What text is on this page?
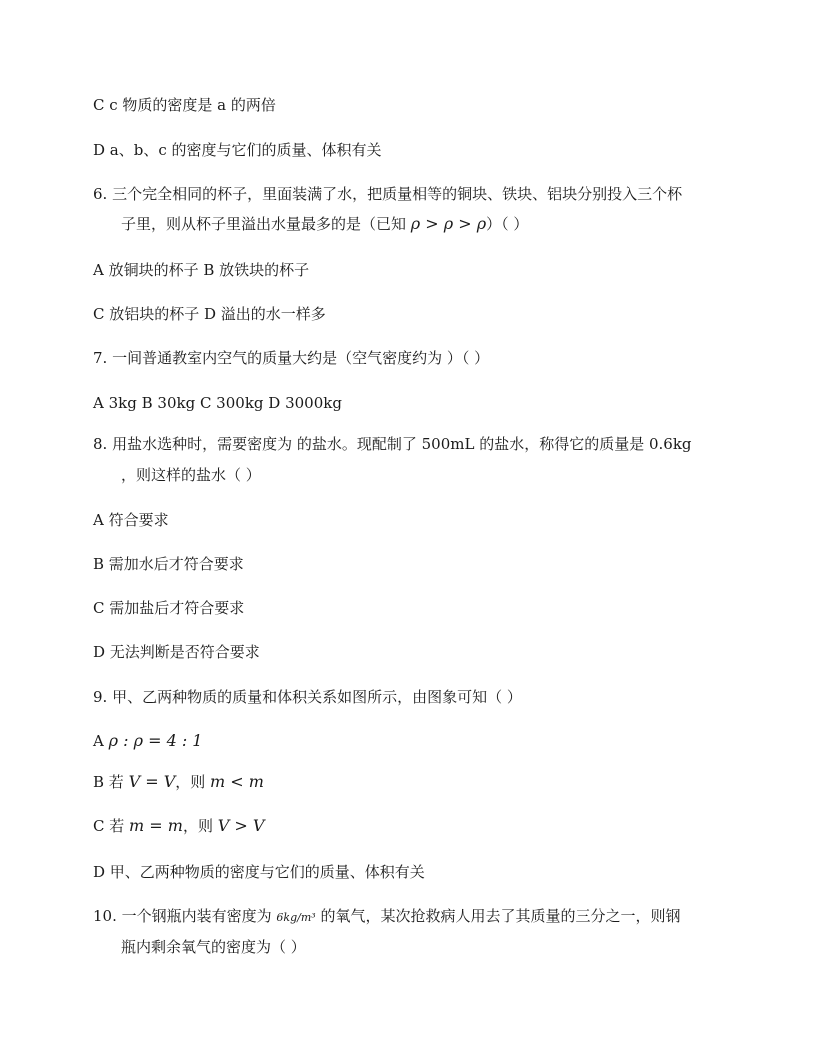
C c 物质的密度是 a 的两倍
D a、b、c 的密度与它们的质量、体积有关
6. 三个完全相同的杯子，里面装满了水，把质量相等的铜块、铁块、铝块分别投入三个杯
子里，则从杯子里溢出水量最多的是（已知 ρ > ρ > ρ）（ ）
A 放铜块的杯子 B 放铁块的杯子
C 放铝块的杯子 D 溢出的水一样多
7. 一间普通教室内空气的质量大约是（空气密度约为 ）（ ）
A 3kg B 30kg C 300kg D 3000kg
8. 用盐水选种时，需要密度为 的盐水。现配制了 500mL 的盐水，称得它的质量是 0.6kg
，则这样的盐水（ ）
A 符合要求
B 需加水后才符合要求
C 需加盐后才符合要求
D 无法判断是否符合要求
9. 甲、乙两种物质的质量和体积关系如图所示，由图象可知（ ）
A ρ : ρ = 4 : 1
B 若 V = V，则 m < m
C 若 m = m，则 V > V
D 甲、乙两种物质的密度与它们的质量、体积有关
10. 一个钢瓶内装有密度为 6kg/m³ 的氧气，某次抢救病人用去了其质量的三分之一，则钢
瓶内剩余氧气的密度为（ ）
